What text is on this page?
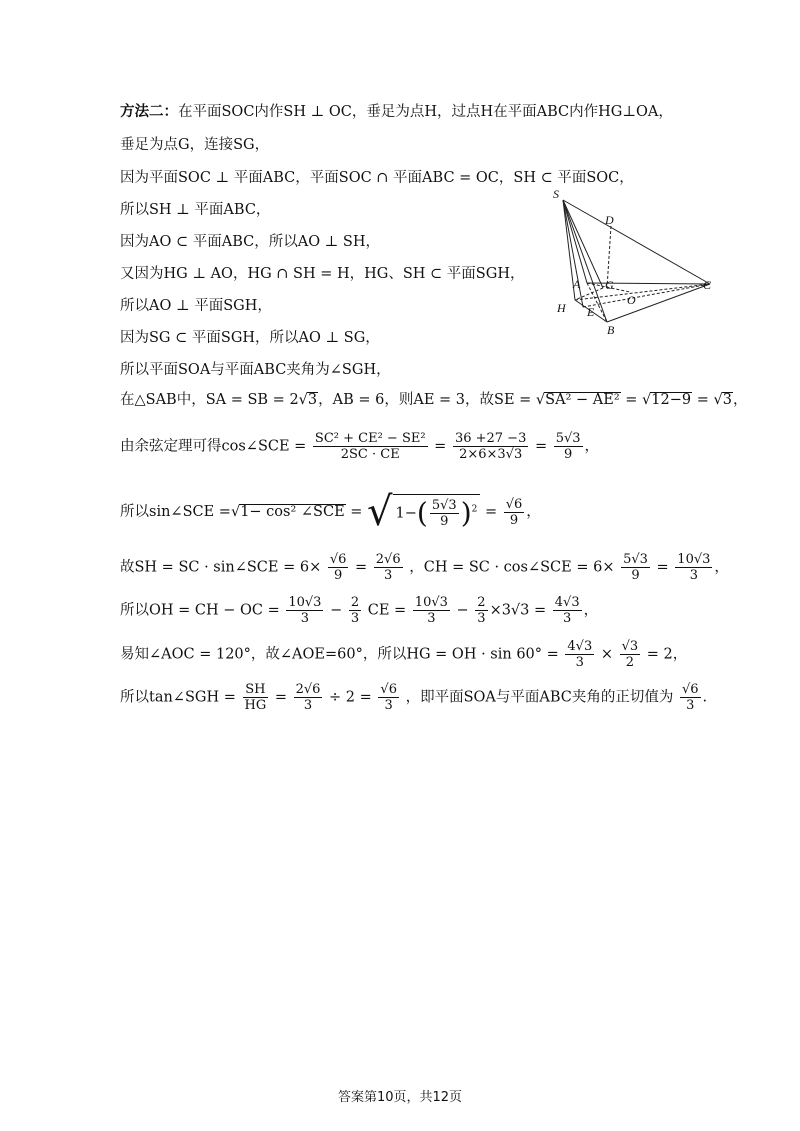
方法二：在平面SOC内作SH ⊥ OC，垂足为点H，过点H在平面ABC内作HG⊥OA，
垂足为点G，连接SG，
因为平面SOC ⊥ 平面ABC，平面SOC ∩ 平面ABC = OC，SH ⊂ 平面SOC，
所以SH ⊥ 平面ABC，
因为AO ⊂ 平面ABC，所以AO ⊥ SH，
又因为HG ⊥ AO，HG ∩ SH = H，HG、SH ⊂ 平面SGH，
所以AO ⊥ 平面SGH，
因为SG ⊂ 平面SGH，所以AO ⊥ SG，
所以平面SOA与平面ABC夹角为∠SGH，
在△SAB中，SA = SB = 2√3，AB = 6，则AE = 3，故SE = √SA² − AE² = √12−9 = √3，
由余弦定理可得cos∠SCE = $\frac{\text{SC² + CE² − SE²}}{2SC \cdot CE} = \frac{36 +27 -3}{2\times 6\times 3√3} = \frac{5√3}{9}$ ，
所以sin∠SCE =√1− cos² ∠SCE = √ $1-( \frac{5√3}{9} )^2 = \frac{√6}{9}$ ，
故SH = SC · sin∠SCE = $6\times \frac{√6}{9} = \frac{2√6}{3}$ ，CH = SC · cos∠SCE = $6\times \frac{5√3}{9} = \frac{10√3}{3}$ ，
所以OH = CH − OC = $\frac{10√3}{3} - \frac{2}{3}$ CE = $\frac{10√3}{3} - \frac{2}{3} \times 3√3 = \frac{4√3}{3}$ ，
易知∠AOC = 120°，故∠AOE=60°，所以HG = OH · $\sin 60^\circ = \frac{4√3}{3} \times \frac{√3}{2} = 2$，
所以tan∠SGH = $\frac{SH}{HG} = \frac{2√6}{3} \div 2 = \frac{√6}{3}$ ，即平面SOA与平面ABC夹角的正切值为 $\frac{√6}{3}$ .
S
D
A G	C
O
H E
B
答案第10页，共12页
